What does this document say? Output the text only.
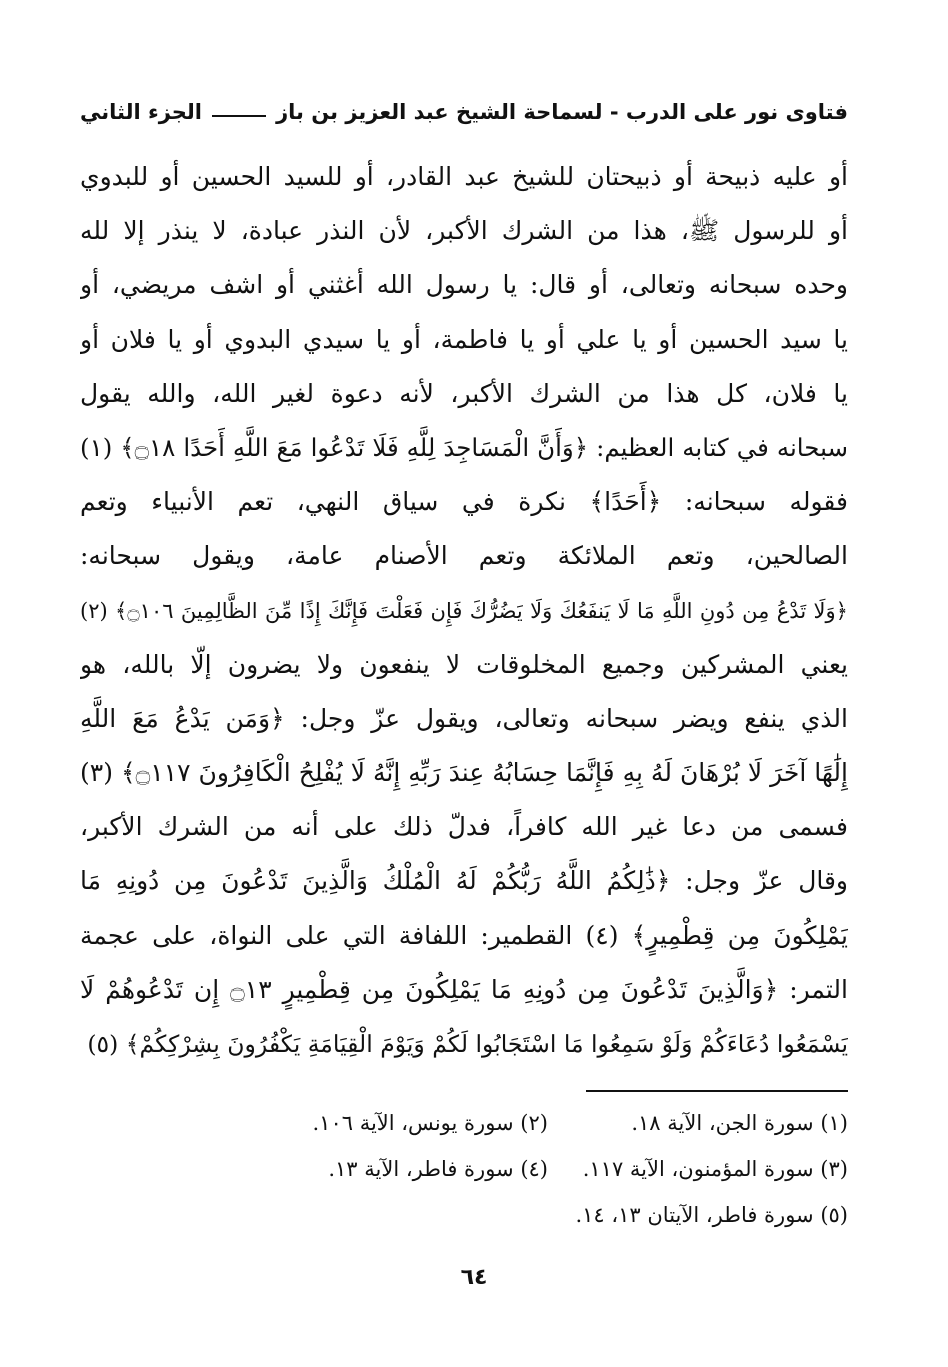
فتاوى نور على الدرب - لسماحة الشيخ عبد العزيز بن باز
الجزء الثاني
أو عليه ذبيحة أو ذبيحتان للشيخ عبد القادر، أو للسيد الحسين أو للبدوي
أو للرسول ﷺ، هذا من الشرك الأكبر، لأن النذر عبادة، لا ينذر إلا لله
وحده سبحانه وتعالى، أو قال: يا رسول الله أغثني أو اشف مريضي، أو
يا سيد الحسين أو يا علي أو يا فاطمة، أو يا سيدي البدوي أو يا فلان أو
يا فلان، كل هذا من الشرك الأكبر، لأنه دعوة لغير الله، والله يقول
سبحانه في كتابه العظيم: ﴿وَأَنَّ الْمَسَاجِدَ لِلَّهِ فَلَا تَدْعُوا مَعَ اللَّهِ أَحَدًا ۝١٨﴾ (١)
فقوله سبحانه: ﴿أَحَدًا﴾ نكرة في سياق النهي، تعم الأنبياء وتعم
الصالحين، وتعم الملائكة وتعم الأصنام عامة، ويقول سبحانه:
﴿وَلَا تَدْعُ مِن دُونِ اللَّهِ مَا لَا يَنفَعُكَ وَلَا يَضُرُّكَ فَإِن فَعَلْتَ فَإِنَّكَ إِذًا مِّنَ الظَّالِمِينَ ۝١٠٦﴾ (٢)
يعني المشركين وجميع المخلوقات لا ينفعون ولا يضرون إلّا بالله، هو
الذي ينفع ويضر سبحانه وتعالى، ويقول عزّ وجل: ﴿وَمَن يَدْعُ مَعَ اللَّهِ
إِلَٰهًا آخَرَ لَا بُرْهَانَ لَهُ بِهِ فَإِنَّمَا حِسَابُهُ عِندَ رَبِّهِ إِنَّهُ لَا يُفْلِحُ الْكَافِرُونَ ۝١١٧﴾ (٣)
فسمى من دعا غير الله كافراً، فدلّ ذلك على أنه من الشرك الأكبر،
وقال عزّ وجل: ﴿ذَٰلِكُمُ اللَّهُ رَبُّكُمْ لَهُ الْمُلْكُ وَالَّذِينَ تَدْعُونَ مِن دُونِهِ مَا
يَمْلِكُونَ مِن قِطْمِيرٍ﴾ (٤) القطمير: اللفافة التي على النواة، على عجمة
التمر: ﴿وَالَّذِينَ تَدْعُونَ مِن دُونِهِ مَا يَمْلِكُونَ مِن قِطْمِيرٍ ۝١٣ إِن تَدْعُوهُمْ لَا
يَسْمَعُوا دُعَاءَكُمْ وَلَوْ سَمِعُوا مَا اسْتَجَابُوا لَكُمْ وَيَوْمَ الْقِيَامَةِ يَكْفُرُونَ بِشِرْكِكُمْ﴾ (٥)
(١) سورة الجن، الآية ١٨.
(٢) سورة يونس، الآية ١٠٦.
(٣) سورة المؤمنون، الآية ١١٧.
(٤) سورة فاطر، الآية ١٣.
(٥) سورة فاطر، الآيتان ١٣، ١٤.
٦٤
